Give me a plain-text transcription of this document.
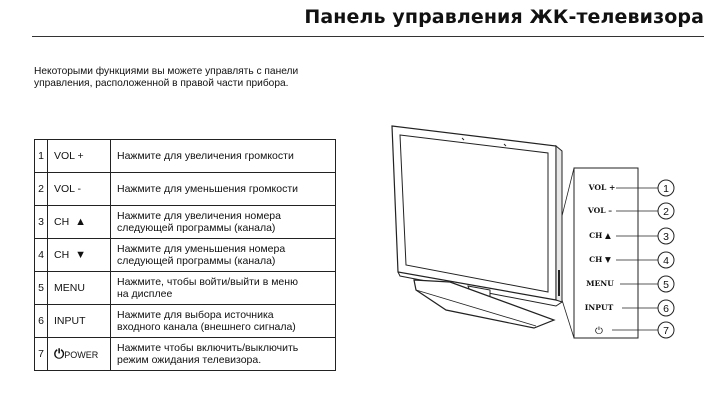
Панель управления ЖК-телевизора
Некоторыми функциями вы можете управлять с панели
управления, расположенной в правой части прибора.
1	VOL +	Нажмите для увеличения громкости

2	VOL -	Нажмите для уменьшения громкости

3	CH ▲	Нажмите для увеличения номера
следующей программы (канала)

4	CH ▼	Нажмите для уменьшения номера
следующей программы (канала)

5	MENU	Нажмите, чтобы войти/выйти в меню
на дисплее

6	INPUT	Нажмите для выбора источника
входного канала (внешнего сигнала)

7	⏻POWER	Нажмите чтобы включить/выключить
режим ожидания телевизора.
VOL +	1
VOL –	2
CH ▲	3
CH ▼	4
MENU	5
INPUT	6
⏻	7
